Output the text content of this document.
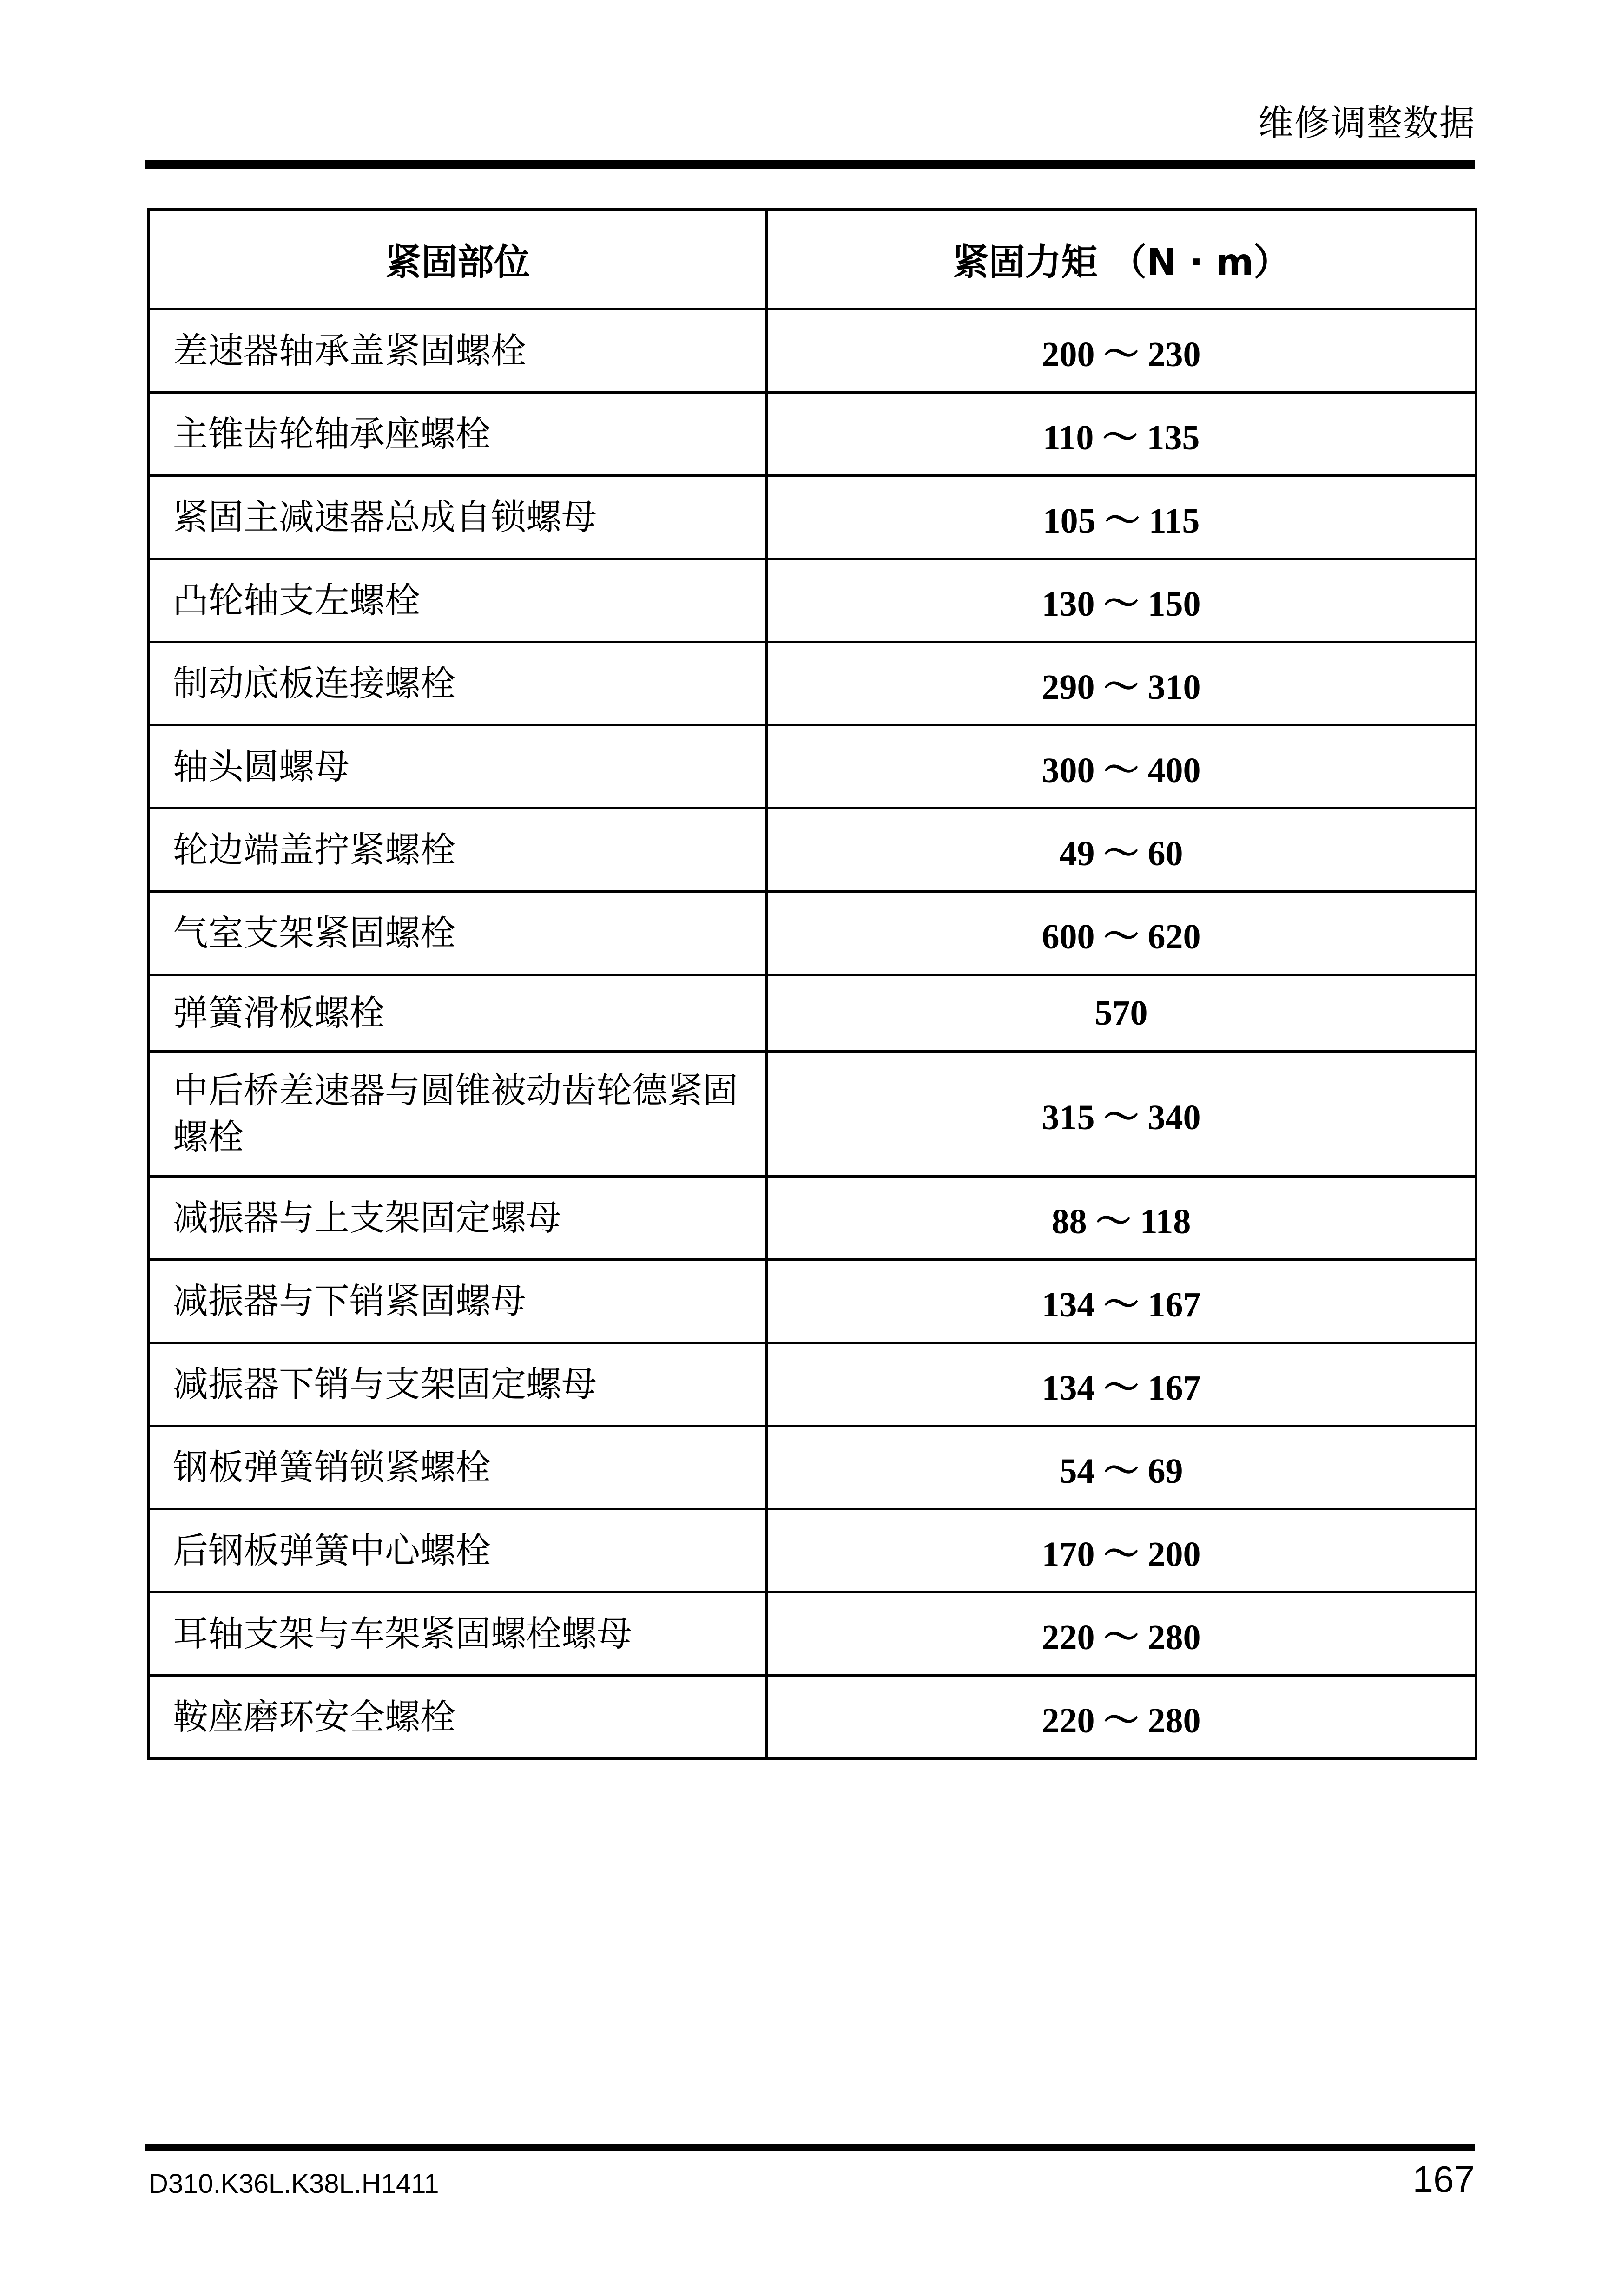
维修调整数据
紧固部位	紧固力矩 （N · m）
差速器轴承盖紧固螺栓	200 ～ 230
主锥齿轮轴承座螺栓	110 ～ 135
紧固主减速器总成自锁螺母	105 ～ 115
凸轮轴支左螺栓	130 ～ 150
制动底板连接螺栓	290 ～ 310
轴头圆螺母	300 ～ 400
轮边端盖拧紧螺栓	49 ～ 60
气室支架紧固螺栓	600 ～ 620
弹簧滑板螺栓	570
中后桥差速器与圆锥被动齿轮德紧固螺栓	315 ～ 340
减振器与上支架固定螺母	88 ～ 118
减振器与下销紧固螺母	134 ～ 167
减振器下销与支架固定螺母	134 ～ 167
钢板弹簧销锁紧螺栓	54 ～ 69
后钢板弹簧中心螺栓	170 ～ 200
耳轴支架与车架紧固螺栓螺母	220 ～ 280
鞍座磨环安全螺栓	220 ～ 280
D310.K36L.K38L.H1411	167
